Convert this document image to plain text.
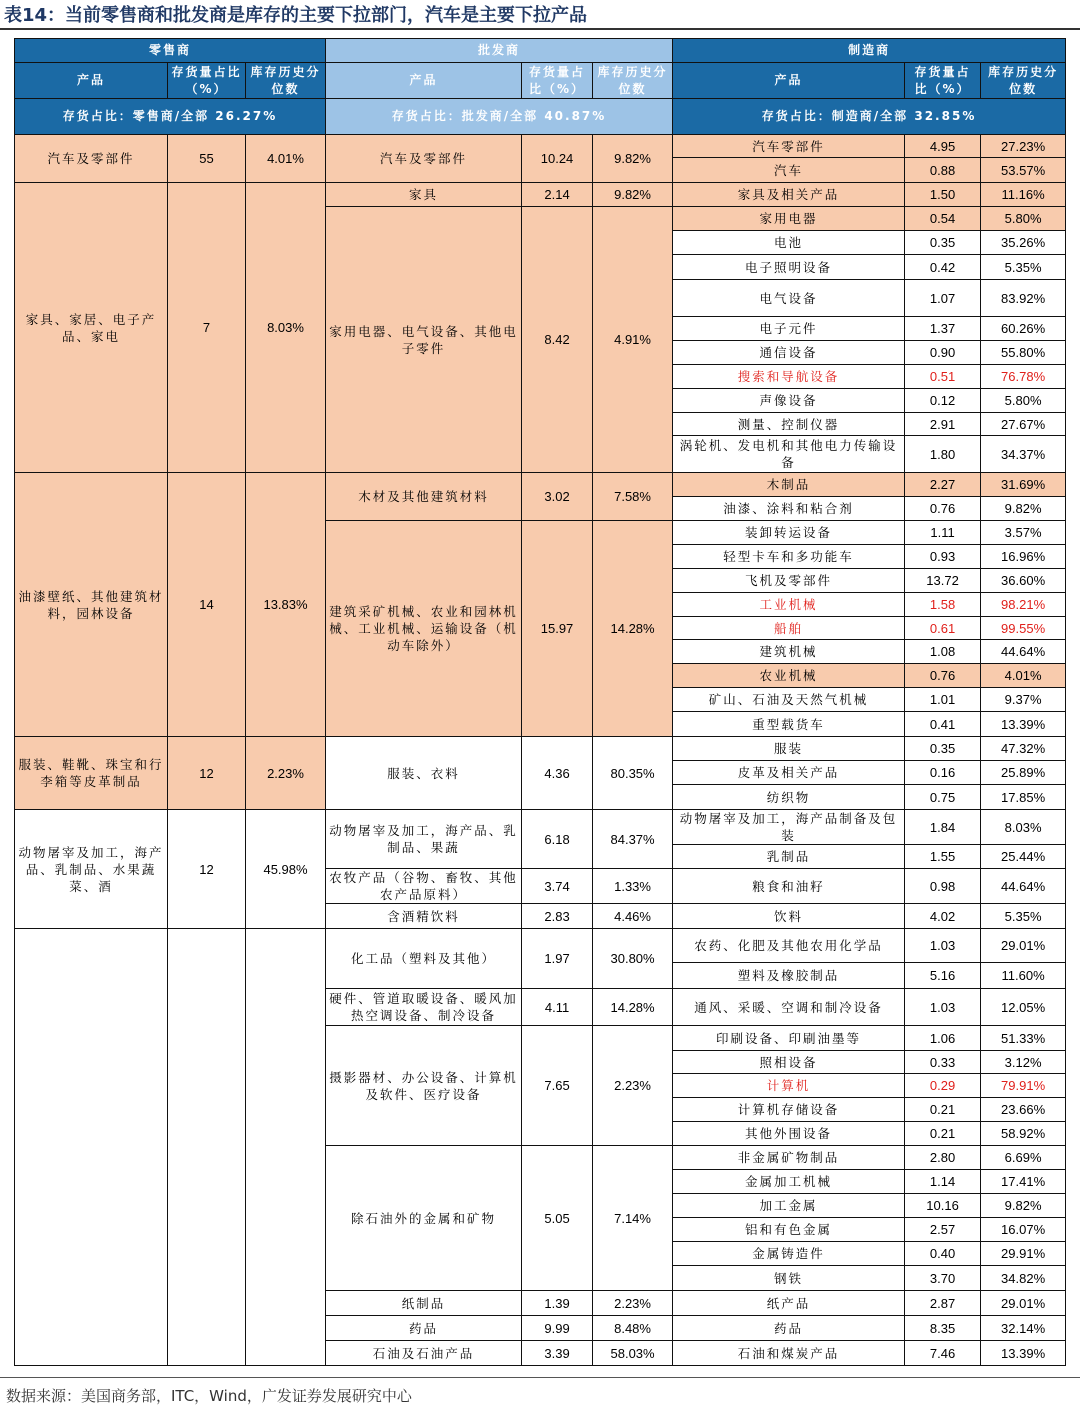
表14：当前零售商和批发商是库存的主要下拉部门，汽车是主要下拉产品
零售商			批发商			制造商		
产品	存货量占比（%）	库存历史分位数	产品	存货量占比（%）	库存历史分位数	产品	存货量占比（%）	库存历史分位数
存货占比：零售商/全部 26.27%			存货占比：批发商/全部 40.87%			存货占比：制造商/全部 32.85%		
汽车及零部件	55	4.01%	汽车及零部件	10.24	9.82%	汽车零部件	4.95	27.23%
						汽车	0.88	53.57%
家具、家居、电子产品、家电	7	8.03%	家具	2.14	9.82%	家具及相关产品	1.50	11.16%
			家用电器、电气设备、其他电子零件	8.42	4.91%	家用电器	0.54	5.80%
						电池	0.35	35.26%
						电子照明设备	0.42	5.35%
						电气设备	1.07	83.92%
						电子元件	1.37	60.26%
						通信设备	0.90	55.80%
						搜索和导航设备	0.51	76.78%
						声像设备	0.12	5.80%
						测量、控制仪器	2.91	27.67%
						涡轮机、发电机和其他电力传输设备	1.80	34.37%
油漆壁纸、其他建筑材料，园林设备	14	13.83%	木材及其他建筑材料	3.02	7.58%	木制品	2.27	31.69%
						油漆、涂料和粘合剂	0.76	9.82%
			建筑采矿机械、农业和园林机械、工业机械、运输设备（机动车除外）	15.97	14.28%	装卸转运设备	1.11	3.57%
						轻型卡车和多功能车	0.93	16.96%
						飞机及零部件	13.72	36.60%
						工业机械	1.58	98.21%
						船舶	0.61	99.55%
						建筑机械	1.08	44.64%
						农业机械	0.76	4.01%
						矿山、石油及天然气机械	1.01	9.37%
						重型载货车	0.41	13.39%
服装、鞋靴、珠宝和行李箱等皮革制品	12	2.23%	服装、衣料	4.36	80.35%	服装	0.35	47.32%
						皮革及相关产品	0.16	25.89%
						纺织物	0.75	17.85%
动物屠宰及加工，海产品、乳制品、水果蔬菜、酒	12	45.98%	动物屠宰及加工，海产品、乳制品、果蔬	6.18	84.37%	动物屠宰及加工，海产品制备及包装	1.84	8.03%
						乳制品	1.55	25.44%
			农牧产品（谷物、畜牧、其他农产品原料）	3.74	1.33%	粮食和油籽	0.98	44.64%
			含酒精饮料	2.83	4.46%	饮料	4.02	5.35%
			化工品（塑料及其他）	1.97	30.80%	农药、化肥及其他农用化学品	1.03	29.01%
						塑料及橡胶制品	5.16	11.60%
			硬件、管道取暖设备、暖风加热空调设备、制冷设备	4.11	14.28%	通风、采暖、空调和制冷设备	1.03	12.05%
			摄影器材、办公设备、计算机及软件、医疗设备	7.65	2.23%	印刷设备、印刷油墨等	1.06	51.33%
						照相设备	0.33	3.12%
						计算机	0.29	79.91%
						计算机存储设备	0.21	23.66%
						其他外围设备	0.21	58.92%
			除石油外的金属和矿物	5.05	7.14%	非金属矿物制品	2.80	6.69%
						金属加工机械	1.14	17.41%
						加工金属	10.16	9.82%
						铝和有色金属	2.57	16.07%
						金属铸造件	0.40	29.91%
						钢铁	3.70	34.82%
			纸制品	1.39	2.23%	纸产品	2.87	29.01%
			药品	9.99	8.48%	药品	8.35	32.14%
			石油及石油产品	3.39	58.03%	石油和煤炭产品	7.46	13.39%
数据来源：美国商务部，ITC，Wind，广发证券发展研究中心
